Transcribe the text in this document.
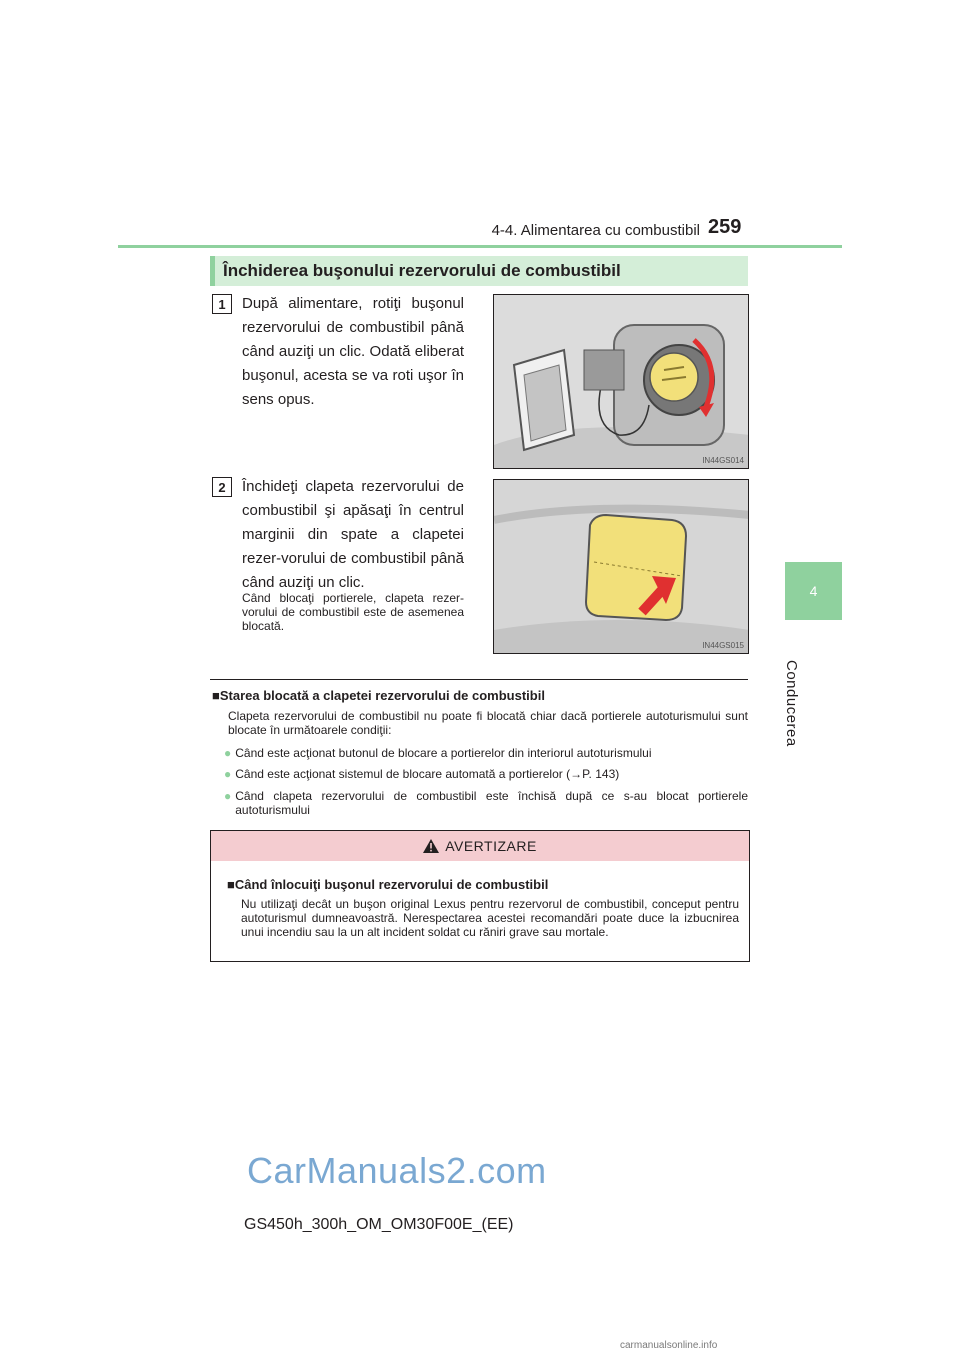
4-4. Alimentarea cu combustibil 259
4
Conducerea
Închiderea buşonului rezervorului de combustibil
1	După alimentare, rotiţi buşonul rezervorului de combustibil până când auziţi un clic. Odată eliberat buşonul, acesta se va roti uşor în sens opus.
IN44GS014
2	Închideţi clapeta rezervorului de combustibil şi apăsaţi în centrul marginii din spate a clapetei rezer-vorului de combustibil până când auziţi un clic.
Când blocaţi portierele, clapeta rezer-vorului de combustibil este de asemenea blocată.
IN44GS015
■Starea blocată a clapetei rezervorului de combustibil
Clapeta rezervorului de combustibil nu poate fi blocată chiar dacă portierele autoturismului sunt blocate în următoarele condiţii:
● Când este acţionat butonul de blocare a portierelor din interiorul autoturismului
● Când este acţionat sistemul de blocare automată a portierelor (→P. 143)
● Când clapeta rezervorului de combustibil este închisă după ce s-au blocat portierele autoturismului
AVERTIZARE
■Când înlocuiţi buşonul rezervorului de combustibil
Nu utilizaţi decât un buşon original Lexus pentru rezervorul de combustibil, conceput pentru autoturismul dumneavoastră. Nerespectarea acestei recomandări poate duce la izbucnirea unui incendiu sau la un alt incident soldat cu răniri grave sau mortale.
CarManuals2.com
GS450h_300h_OM_OM30F00E_(EE)
carmanualsonline.info
